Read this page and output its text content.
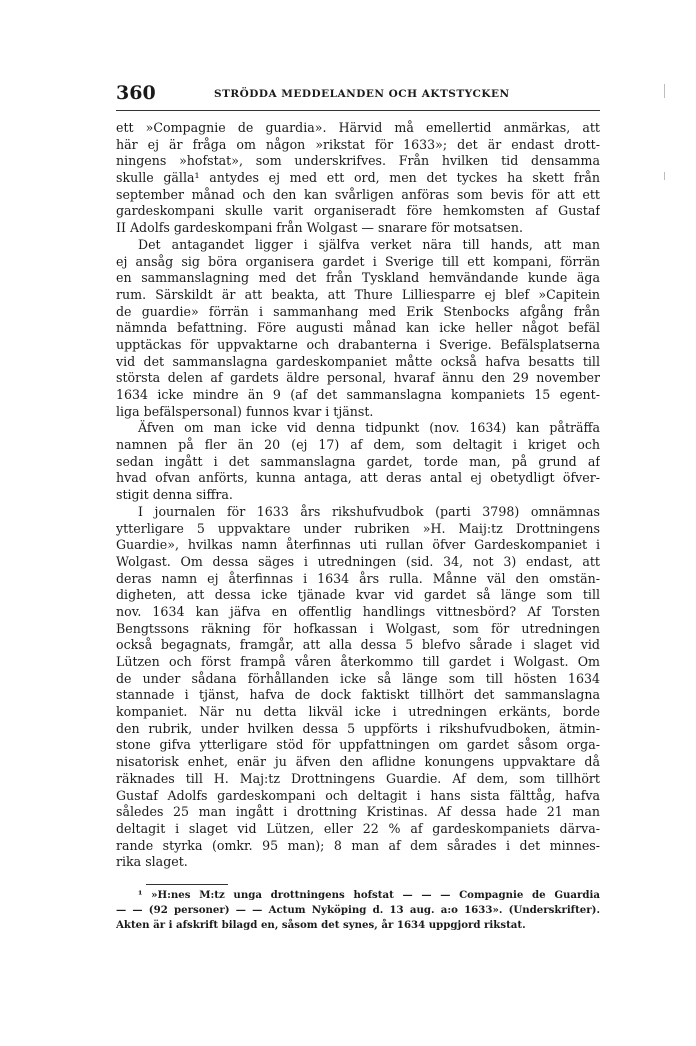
360	STRÖDDA MEDDELANDEN OCH AKTSTYCKEN
ett »Compagnie de guardia». Härvid må emellertid anmärkas, att
här ej är fråga om någon »rikstat för 1633»; det är endast drott-
ningens »hofstat», som underskrifves. Från hvilken tid densamma
skulle gälla¹ antydes ej med ett ord, men det tyckes ha skett från
september månad och den kan svårligen anföras som bevis för att ett
gardeskompani skulle varit organiseradt före hemkomsten af Gustaf
II Adolfs gardeskompani från Wolgast — snarare för motsatsen.
Det antagandet ligger i själfva verket nära till hands, att man
ej ansåg sig böra organisera gardet i Sverige till ett kompani, förrän
en sammanslagning med det från Tyskland hemvändande kunde äga
rum. Särskildt är att beakta, att Thure Lilliesparre ej blef »Capitein
de guardie» förrän i sammanhang med Erik Stenbocks afgång från
nämnda befattning. Före augusti månad kan icke heller något befäl
upptäckas för uppvaktarne och drabanterna i Sverige. Befälsplatserna
vid det sammanslagna gardeskompaniet måtte också hafva besatts till
största delen af gardets äldre personal, hvaraf ännu den 29 november
1634 icke mindre än 9 (af det sammanslagna kompaniets 15 egent-
liga befälspersonal) funnos kvar i tjänst.
Äfven om man icke vid denna tidpunkt (nov. 1634) kan påträffa
namnen på fler än 20 (ej 17) af dem, som deltagit i kriget och
sedan ingått i det sammanslagna gardet, torde man, på grund af
hvad ofvan anförts, kunna antaga, att deras antal ej obetydligt öfver-
stigit denna siffra.
I journalen för 1633 års rikshufvudbok (parti 3798) omnämnas
ytterligare 5 uppvaktare under rubriken »H. Maij:tz Drottningens
Guardie», hvilkas namn återfinnas uti rullan öfver Gardeskompaniet i
Wolgast. Om dessa säges i utredningen (sid. 34, not 3) endast, att
deras namn ej återfinnas i 1634 års rulla. Månne väl den omstän-
digheten, att dessa icke tjänade kvar vid gardet så länge som till
nov. 1634 kan jäfva en offentlig handlings vittnesbörd? Af Torsten
Bengtssons räkning för hofkassan i Wolgast, som för utredningen
också begagnats, framgår, att alla dessa 5 blefvo sårade i slaget vid
Lützen och först frampå våren återkommo till gardet i Wolgast. Om
de under sådana förhållanden icke så länge som till hösten 1634
stannade i tjänst, hafva de dock faktiskt tillhört det sammanslagna
kompaniet. När nu detta likväl icke i utredningen erkänts, borde
den rubrik, under hvilken dessa 5 uppförts i rikshufvudboken, ätmin-
stone gifva ytterligare stöd för uppfattningen om gardet såsom orga-
nisatorisk enhet, enär ju äfven den aflidne konungens uppvaktare då
räknades till H. Maj:tz Drottningens Guardie. Af dem, som tillhört
Gustaf Adolfs gardeskompani och deltagit i hans sista fälttåg, hafva
således 25 man ingått i drottning Kristinas. Af dessa hade 21 man
deltagit i slaget vid Lützen, eller 22 % af gardeskompaniets därva-
rande styrka (omkr. 95 man); 8 man af dem sårades i det minnes-
rika slaget.
¹ »H:nes M:tz unga drottningens hofstat — — — Compagnie de Guardia
— — (92 personer) — — Actum Nyköping d. 13 aug. a:o 1633». (Underskrifter).
Akten är i afskrift bilagd en, såsom det synes, år 1634 uppgjord rikstat.
